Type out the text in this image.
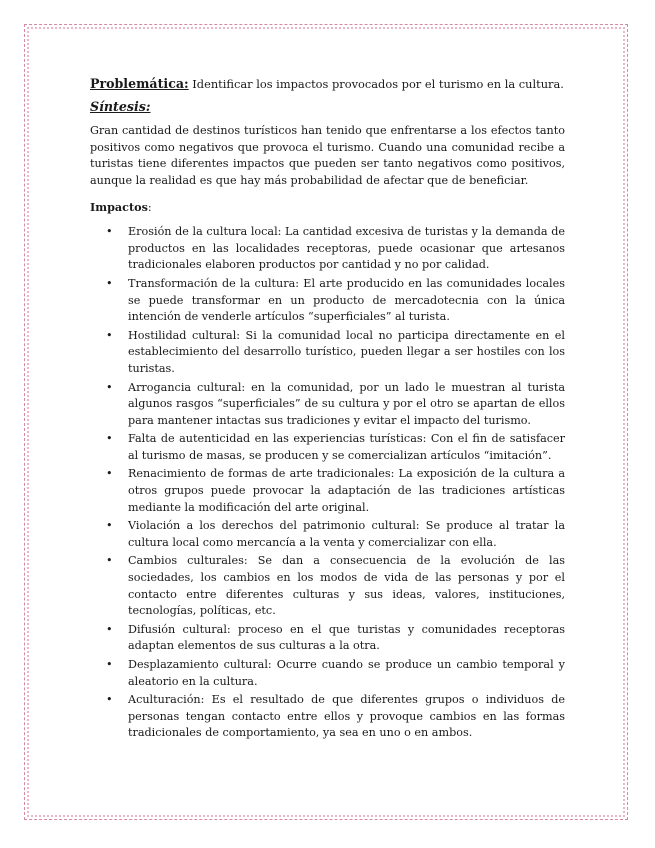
Problemática: Identificar los impactos provocados por el turismo en la cultura.

Síntesis:

Gran cantidad de destinos turísticos han tenido que enfrentarse a los efectos tanto positivos como negativos que provoca el turismo. Cuando una comunidad recibe a turistas tiene diferentes impactos que pueden ser tanto negativos como positivos, aunque la realidad es que hay más probabilidad de afectar que de beneficiar.

Impactos:

• Erosión de la cultura local: La cantidad excesiva de turistas y la demanda de productos en las localidades receptoras, puede ocasionar que artesanos tradicionales elaboren productos por cantidad y no por calidad.
• Transformación de la cultura: El arte producido en las comunidades locales se puede transformar en un producto de mercadotecnia con la única intención de venderle artículos “superficiales” al turista.
• Hostilidad cultural: Si la comunidad local no participa directamente en el establecimiento del desarrollo turístico, pueden llegar a ser hostiles con los turistas.
• Arrogancia cultural: en la comunidad, por un lado le muestran al turista algunos rasgos “superficiales” de su cultura y por el otro se apartan de ellos para mantener intactas sus tradiciones y evitar el impacto del turismo.
• Falta de autenticidad en las experiencias turísticas: Con el fin de satisfacer al turismo de masas, se producen y se comercializan artículos “imitación”.
• Renacimiento de formas de arte tradicionales: La exposición de la cultura a otros grupos puede provocar la adaptación de las tradiciones artísticas mediante la modificación del arte original.
• Violación a los derechos del patrimonio cultural: Se produce al tratar la cultura local como mercancía a la venta y comercializar con ella.
• Cambios culturales: Se dan a consecuencia de la evolución de las sociedades, los cambios en los modos de vida de las personas y por el contacto entre diferentes culturas y sus ideas, valores, instituciones, tecnologías, políticas, etc.
• Difusión cultural: proceso en el que turistas y comunidades receptoras adaptan elementos de sus culturas a la otra.
• Desplazamiento cultural: Ocurre cuando se produce un cambio temporal y aleatorio en la cultura.
• Aculturación: Es el resultado de que diferentes grupos o individuos de personas tengan contacto entre ellos y provoque cambios en las formas tradicionales de comportamiento, ya sea en uno o en ambos.
